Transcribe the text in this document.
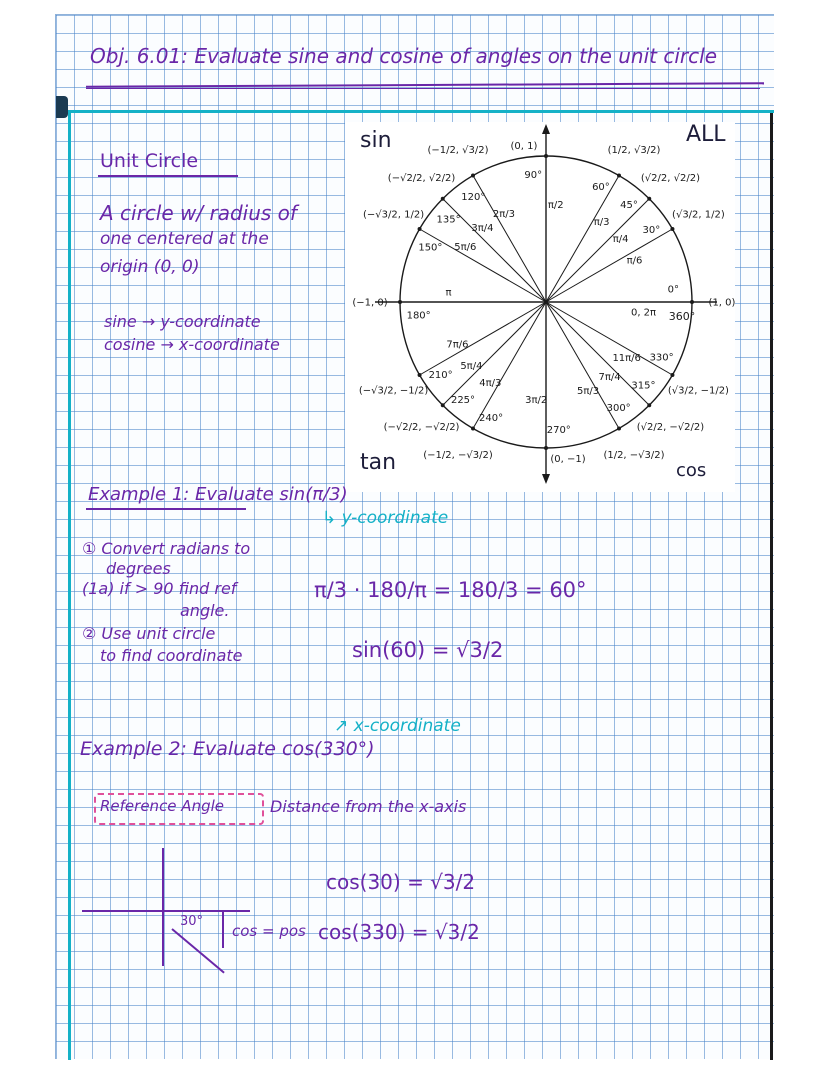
Obj. 6.01: Evaluate sine and cosine of angles on the unit circle
Unit Circle
A circle w/ radius of
one centered at the
origin (0, 0)
sine → y-coordinate
cosine → x-coordinate
0°
0, 2π
(1, 0)
360°
30°
π/6
(√3/2, 1/2)
45°
π/4
(√2/2, √2/2)
60°
π/3
(1/2, √3/2)
90°
π/2
(0, 1)
120°
2π/3
(−1/2, √3/2)
135°
3π/4
(−√2/2, √2/2)
150° 5π/6
(−√3/2, 1/2)
180°
π
(−1, 0)
210°
7π/6
(−√3/2, −1/2)
225°
5π/4
(−√2/2, −√2/2)
240°
4π/3
(−1/2, −√3/2)
270°
3π/2
(0, −1)
300°
5π/3
(1/2, −√3/2)
315°
7π/4
(√2/2, −√2/2)
330°
11π/6
(√3/2, −1/2)
sin	ALL
tan	cos
Example 1: Evaluate sin(π/3)
↳ y-coordinate
① Convert radians to
degrees
(1a) if > 90 find ref
angle.
② Use unit circle
to find coordinate
π/3 · 180/π = 180/3 = 60°
sin(60) = √3/2
↗ x-coordinate
Example 2: Evaluate cos(330°)
Reference Angle	Distance from the x-axis
30°
cos = pos
cos(30) = √3/2
cos(330) = √3/2
